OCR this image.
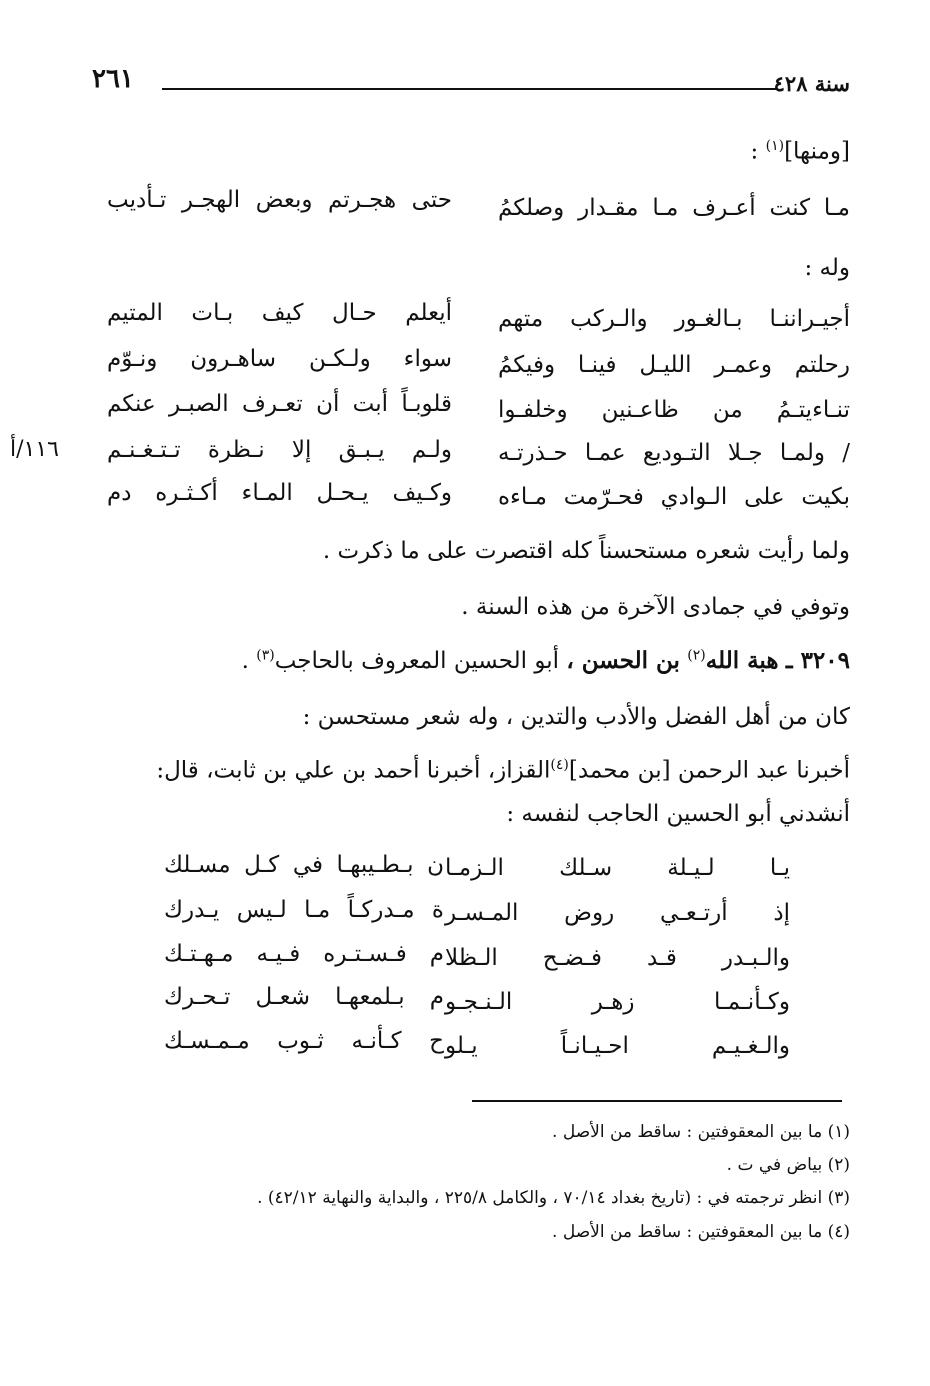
٢٦١	سنة ٤٢٨
[ومنها]$^{(١)}$ :
مـا كنت أعـرف مـا مقـدار وصلكمُ
حتى هجـرتم وبعض الهجـر تـأديب
وله :
أجيـراننـا بـالغـور والـركب متهم
أيعلم حـال كيف بـات المتيم
رحلتم وعمـر الليـل فينـا وفيكمُ
سواء ولـكـن ساهـرون ونـوّم
تنـاءيتـمُ من ظاعـنين وخلفـوا
قلوبـاً أبت أن تعـرف الصبـر عنكم
/ ولمـا جـلا التـوديع عمـا حـذرتـه
ولـم يـبـق إلا نـظرة تـتـغـنـم
بكيت على الـوادي فحـرّمت مـاءه
وكـيف يـحـل المـاء أكـثـره دم
١١٦/أ
ولما رأيت شعره مستحسناً كله اقتصرت على ما ذكرت .
وتوفي في جمادى الآخرة من هذه السنة .
٣٢٠٩ ـ هبة الله$^{(٢)}$ بن الحسن ، أبو الحسين المعروف بالحاجب$^{(٣)}$ .
كان من أهل الفضل والأدب والتدين ، وله شعر مستحسن :
أخبرنا عبد الرحمن [بن محمد]$^{(٤)}$القزاز، أخبرنا أحمد بن علي بن ثابت، قال:
أنشدني أبو الحسين الحاجب لنفسه :
يـا لـيـلة سـلك الـزمـا
ن بـطـيبهـا في كـل مسـلك
إذ أرتـعـي روض المـسـر
ة مـدركـاً مـا لـيس يـدرك
والـبـدر قـد فـضـح الـظلا
م فـسـتـره فـيـه مـهـتـك
وكـأنـمـا زهـر الـنـجـو
م بـلمعهـا شعـل تـحـرك
والـغـيـم احـيـانـاً يـلو
ح كـأنـه ثـوب مـمـسـك
(١) ما بين المعقوفتين : ساقط من الأصل .
(٢) بياض في ت .
(٣) انظر ترجمته في : (تاريخ بغداد ٧٠/١٤ ، والكامل ٢٢٥/٨ ، والبداية والنهاية ٤٢/١٢) .
(٤) ما بين المعقوفتين : ساقط من الأصل .
